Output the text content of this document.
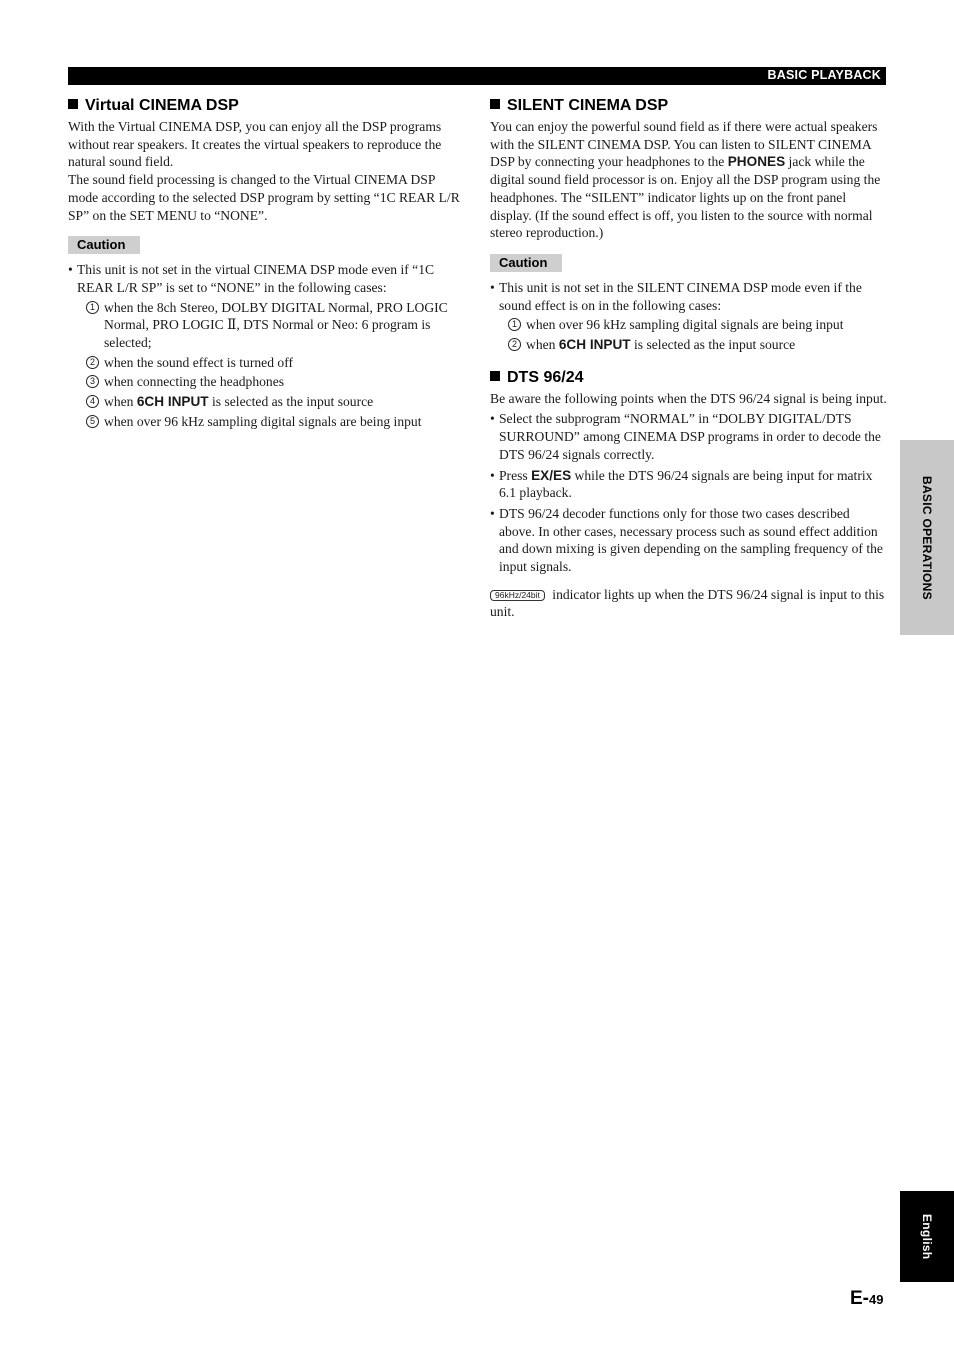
BASIC PLAYBACK
Virtual CINEMA DSP

With the Virtual CINEMA DSP, you can enjoy all the DSP programs without rear speakers. It creates the virtual speakers to reproduce the natural sound field.

The sound field processing is changed to the Virtual CINEMA DSP mode according to the selected DSP program by setting “1C REAR L/R SP” on the SET MENU to “NONE”.

Caution
• This unit is not set in the virtual CINEMA DSP mode even if “1C REAR L/R SP” is set to “NONE” in the following cases:
1 when the 8ch Stereo, DOLBY DIGITAL Normal, PRO LOGIC Normal, PRO LOGIC Ⅱ, DTS Normal or Neo: 6 program is selected;
2 when the sound effect is turned off
3 when connecting the headphones
4 when 6CH INPUT is selected as the input source
5 when over 96 kHz sampling digital signals are being input
SILENT CINEMA DSP

You can enjoy the powerful sound field as if there were actual speakers with the SILENT CINEMA DSP. You can listen to SILENT CINEMA DSP by connecting your headphones to the PHONES jack while the digital sound field processor is on. Enjoy all the DSP program using the headphones. The “SILENT” indicator lights up on the front panel display. (If the sound effect is off, you listen to the source with normal stereo reproduction.)

Caution
• This unit is not set in the SILENT CINEMA DSP mode even if the sound effect is on in the following cases:
1 when over 96 kHz sampling digital signals are being input
2 when 6CH INPUT is selected as the input source
DTS 96/24

Be aware the following points when the DTS 96/24 signal is being input.

• Select the subprogram “NORMAL” in “DOLBY DIGITAL/DTS SURROUND” among CINEMA DSP programs in order to decode the DTS 96/24 signals correctly.
• Press EX/ES while the DTS 96/24 signals are being input for matrix 6.1 playback.
• DTS 96/24 decoder functions only for those two cases described above. In other cases, necessary process such as sound effect addition and down mixing is given depending on the sampling frequency of the input signals.

96kHz/24bit indicator lights up when the DTS 96/24 signal is input to this unit.

BASIC OPERATIONS
English
E-49
